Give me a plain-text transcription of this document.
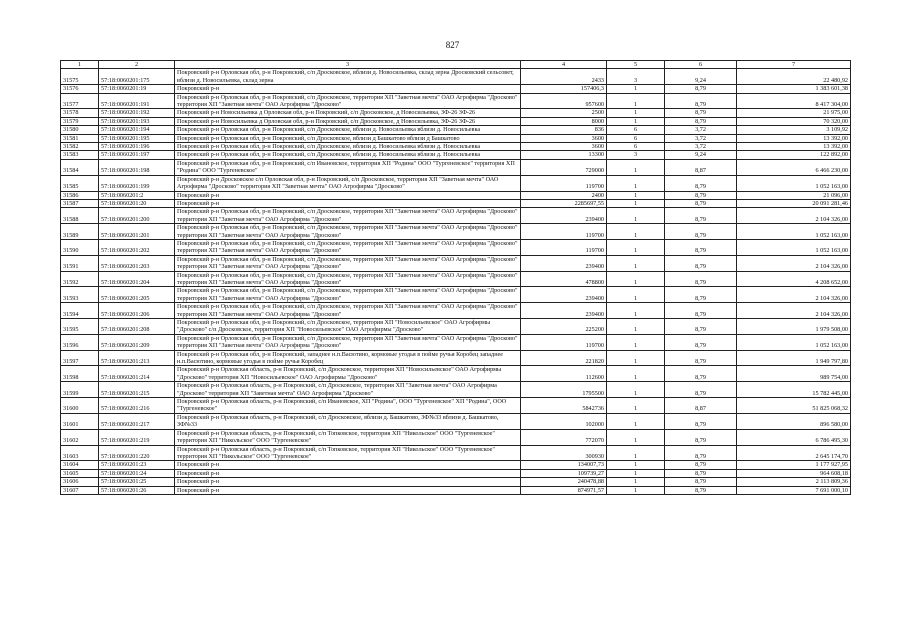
827
1	2	3	4	5	6	7
31575	57:18:0060201:175	Покровский р-н Орловская обл, р-н Покровский, с/п Дросковское, вблизи д. Новосильевка, склад зерна Дросковский сельсовет, вблизи д. Новосильевка, склад зерна	2433	3	9,24	22 480,92
31576	57:18:0060201:19	Покровский р-н	157406,3	1	8,79	1 383 601,38
31577	57:18:0060201:191	Покровский р-н Орловская обл, р-н Покровский, с/п Дросковское, территория ХП "Заветная мечта" ОАО Агрофирма "Дросково" территория ХП "Заветная мечта" ОАО Агрофирма "Дросково"	957600	1	8,79	8 417 304,00
31578	57:18:0060201:192	Покровский р-н Новосильевка д Орловская обл, р-н Покровский, с/п Дросковское, д Новосильевка, ЗФ-26 ЗФ-26	2500	1	8,79	21 975,00
31579	57:18:0060201:193	Покровский р-н Новосильевка д Орловская обл, р-н Покровский, с/п Дросковское, д Новосильевка, ЗФ-26 ЗФ-26	8000	1	8,79	70 320,00
31580	57:18:0060201:194	Покровский р-н Орловская обл, р-н Покровский, с/п Дросковское, вблизи д. Новосильевка вблизи д. Новосильевка	836	6	3,72	3 109,92
31581	57:18:0060201:195	Покровский р-н Орловская обл, р-н Покровский, с/п Дросковское, вблизи д Башкатово вблизи д Башкатово	3600	6	3,72	13 392,00
31582	57:18:0060201:196	Покровский р-н Орловская обл, р-н Покровский, с/п Дросковское, вблизи д. Новосильевка вблизи д. Новосильевка	3600	6	3,72	13 392,00
31583	57:18:0060201:197	Покровский р-н Орловская обл, р-н Покровский, с/п Дросковское, вблизи д. Новосильевка вблизи д. Новосильевка	13300	3	9,24	122 892,00
31584	57:18:0060201:198	Покровский р-н Орловская обл, р-н Покровский, с/п Ивановское, территория ХП "Родина" ООО "Тургеневское" территория ХП "Родина" ООО "Тургеневское"	729000	1	8,87	6 466 230,00
31585	57:18:0060201:199	Покровский р-н Дросковское с/п Орловская обл, р-н Покровский, с/п Дросковское, территория ХП "Заветная мечта" ОАО Агрофирма "Дросково" территория ХП "Заветная мечта" ОАО Агрофирма "Дросково"	119700	1	8,79	1 052 163,00
31586	57:18:0060201:2	Покровский р-н	2400	1	8,79	21 096,00
31587	57:18:0060201:20	Покровский р-н	2285697,55	1	8,79	20 091 281,46
31588	57:18:0060201:200	Покровский р-н Орловская обл, р-н Покровский, с/п Дросковское, территория ХП "Заветная мечта" ОАО Агрофирма "Дросково" территория ХП "Заветная мечта" ОАО Агрофирма "Дросково"	239400	1	8,79	2 104 326,00
31589	57:18:0060201:201	Покровский р-н Орловская обл, р-н Покровский, с/п Дросковское, территория ХП "Заветная мечта" ОАО Агрофирма "Дросково" территория ХП "Заветная мечта" ОАО Агрофирма "Дросково"	119700	1	8,79	1 052 163,00
31590	57:18:0060201:202	Покровский р-н Орловская обл, р-н Покровский, с/п Дросковское, территория ХП "Заветная мечта" ОАО Агрофирма "Дросково" территория ХП "Заветная мечта" ОАО Агрофирма "Дросково"	119700	1	8,79	1 052 163,00
31591	57:18:0060201:203	Покровский р-н Орловская обл, р-н Покровский, с/п Дросковское, территория ХП "Заветная мечта" ОАО Агрофирма "Дросково" территория ХП "Заветная мечта" ОАО Агрофирма "Дросково"	239400	1	8,79	2 104 326,00
31592	57:18:0060201:204	Покровский р-н Орловская обл, р-н Покровский, с/п Дросковское, территория ХП "Заветная мечта" ОАО Агрофирма "Дросково" территория ХП "Заветная мечта" ОАО Агрофирма "Дросково"	478800	1	8,79	4 208 652,00
31593	57:18:0060201:205	Покровский р-н Орловская обл, р-н Покровский, с/п Дросковское, территория ХП "Заветная мечта" ОАО Агрофирма "Дросково" территория ХП "Заветная мечта" ОАО Агрофирма "Дросково"	239400	1	8,79	2 104 326,00
31594	57:18:0060201:206	Покровский р-н Орловская обл, р-н Покровский, с/п Дросковское, территория ХП "Заветная мечта" ОАО Агрофирма "Дросково" территория ХП "Заветная мечта" ОАО Агрофирма "Дросково"	239400	1	8,79	2 104 326,00
31595	57:18:0060201:208	Покровский р-н Орловская обл, р-н Покровский, с/п Дросковское, территория ХП "Новосильевское" ОАО Агрофирмы "Дросково" с/п Дросковское, территория ХП "Новосильевское" ОАО Агрофирмы "Дросково"	225200	1	8,79	1 979 508,00
31596	57:18:0060201:209	Покровский р-н Орловская обл, р-н Покровский, с/п Дросковское, территория ХП "Заветная мечта" ОАО Агрофирма "Дросково" территория ХП "Заветная мечта" ОАО Агрофирма "Дросково"	119700	1	8,79	1 052 163,00
31597	57:18:0060201:213	Покровский р-н Орловская обл, р-н Покровский, западнее н.п.Васютино, кормовые угодья в пойме ручья Коробец западнее н.п.Васютино, кормовые угодья в пойме ручья Коробец	221820	1	8,79	1 949 797,80
31598	57:18:0060201:214	Покровский р-н Орловская область, р-н Покровский, с/п Дросковское, территория ХП "Новосильевское" ОАО Агрофирмы "Дросково" территория ХП "Новосильевское" ОАО Агрофирмы "Дросково"	112600	1	8,79	989 754,00
31599	57:18:0060201:215	Покровский р-н Орловская область, р-н Покровский, с/п Дросковское, территория ХП "Заветная мечта" ОАО Агрофирма "Дросково" территория ХП "Заветная мечта" ОАО Агрофирма "Дросково"	1795500	1	8,79	15 782 445,00
31600	57:18:0060201:216	Покровский р-н Орловская область, р-н Покровский, с/п Ивановское, ХП "Родина", ООО "Тургеневское" ХП "Родина", ООО "Тургеневское"	5842736	1	8,87	51 825 068,32
31601	57:18:0060201:217	Покровский р-н Орловская область, р-н Покровский, с/п Дросковское, вблизи д. Башкатово, ЗФ№33 вблизи д. Башкатово, ЗФ№33	102000	1	8,79	896 580,00
31602	57:18:0060201:219	Покровский р-н Орловская область, р-н Покровский, с/п Топковское, территория ХП "Никольское" ООО "Тургеневское" территория ХП "Никольское" ООО "Тургеневское"	772070	1	8,79	6 786 495,30
31603	57:18:0060201:220	Покровский р-н Орловская область, р-н Покровский, с/п Топковское, территория ХП "Никольское" ООО "Тургеневское" территория ХП "Никольское" ООО "Тургеневское"	300930	1	8,79	2 645 174,70
31604	57:18:0060201:23	Покровский р-н	134007,73	1	8,79	1 177 927,95
31605	57:18:0060201:24	Покровский р-н	109739,27	1	8,79	964 608,18
31606	57:18:0060201:25	Покровский р-н	240478,88	1	8,79	2 113 809,36
31607	57:18:0060201:26	Покровский р-н	874971,57	1	8,79	7 691 000,10
